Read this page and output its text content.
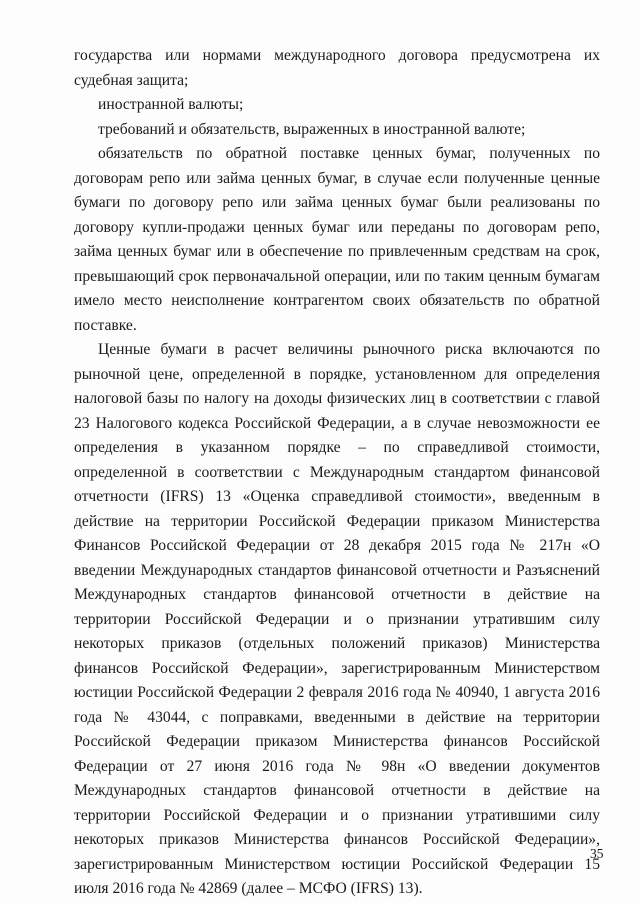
государства или нормами международного договора предусмотрена их судебная защита;

иностранной валюты;

требований и обязательств, выраженных в иностранной валюте;

обязательств по обратной поставке ценных бумаг, полученных по договорам репо или займа ценных бумаг, в случае если полученные ценные бумаги по договору репо или займа ценных бумаг были реализованы по договору купли-продажи ценных бумаг или переданы по договорам репо, займа ценных бумаг или в обеспечение по привлеченным средствам на срок, превышающий срок первоначальной операции, или по таким ценным бумагам имело место неисполнение контрагентом своих обязательств по обратной поставке.

Ценные бумаги в расчет величины рыночного риска включаются по рыночной цене, определенной в порядке, установленном для определения налоговой базы по налогу на доходы физических лиц в соответствии с главой 23 Налогового кодекса Российской Федерации, а в случае невозможности ее определения в указанном порядке – по справедливой стоимости, определенной в соответствии с Международным стандартом финансовой отчетности (IFRS) 13 «Оценка справедливой стоимости», введенным в действие на территории Российской Федерации приказом Министерства Финансов Российской Федерации от 28 декабря 2015 года № 217н «О введении Международных стандартов финансовой отчетности и Разъяснений Международных стандартов финансовой отчетности в действие на территории Российской Федерации и о признании утратившим силу некоторых приказов (отдельных положений приказов) Министерства финансов Российской Федерации», зарегистрированным Министерством юстиции Российской Федерации 2 февраля 2016 года № 40940, 1 августа 2016 года № 43044, с поправками, введенными в действие на территории Российской Федерации приказом Министерства финансов Российской Федерации от 27 июня 2016 года № 98н «О введении документов Международных стандартов финансовой отчетности в действие на территории Российской Федерации и о признании утратившими силу некоторых приказов Министерства финансов Российской Федерации», зарегистрированным Министерством юстиции Российской Федерации 15 июля 2016 года № 42869 (далее – МСФО (IFRS) 13).

35
